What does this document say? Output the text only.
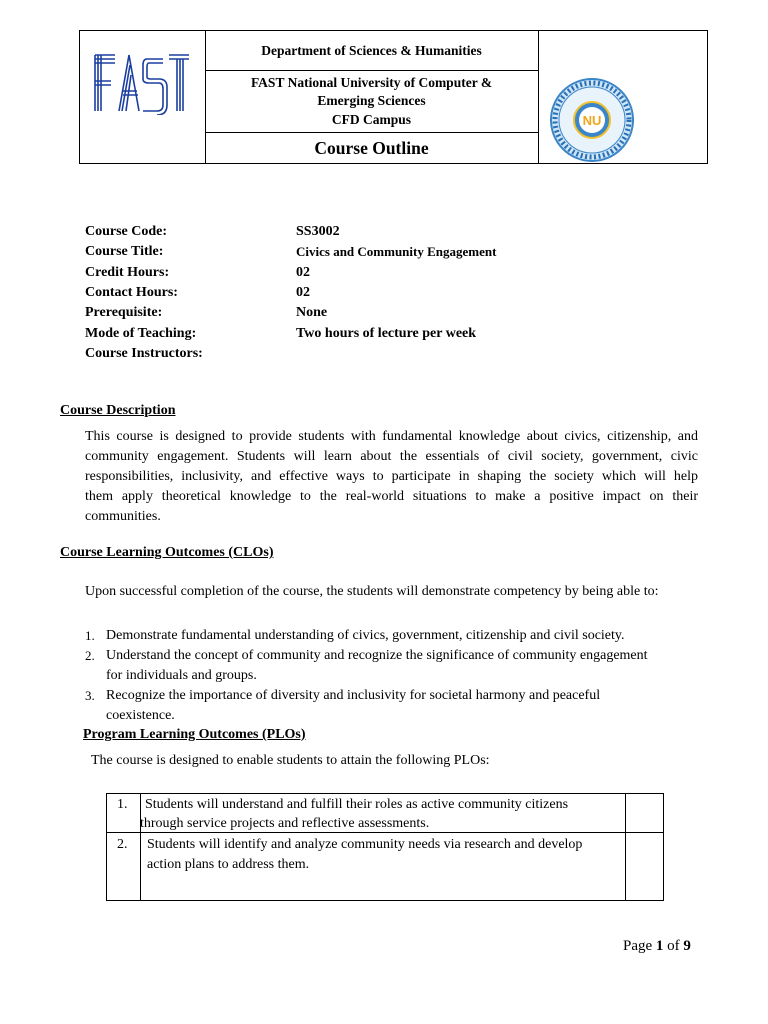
FAST
Department of Sciences & Humanities
FAST National University of Computer &
Emerging Sciences
CFD Campus
Course Outline
NU
Course Code:	SS3002
Course Title:	Civics and Community Engagement
Credit Hours:	02
Contact Hours:	02
Prerequisite:	None
Mode of Teaching:	Two hours of lecture per week
Course Instructors:
Course Description
This course is designed to provide students with fundamental knowledge about civics, citizenship, and
community engagement. Students will learn about the essentials of civil society, government, civic
responsibilities, inclusivity, and effective ways to participate in shaping the society which will help
them apply theoretical knowledge to the real-world situations to make a positive impact on their
communities.
Course Learning Outcomes (CLOs)
Upon successful completion of the course, the students will demonstrate competency by being able to:
1. Demonstrate fundamental understanding of civics, government, citizenship and civil society.
2. Understand the concept of community and recognize the significance of community engagement
for individuals and groups.
3. Recognize the importance of diversity and inclusivity for societal harmony and peaceful
coexistence.
Program Learning Outcomes (PLOs)
The course is designed to enable students to attain the following PLOs:
1. Students will understand and fulfill their roles as active community citizens
through service projects and reflective assessments.
2. Students will identify and analyze community needs via research and develop
action plans to address them.
Page 1 of 9
